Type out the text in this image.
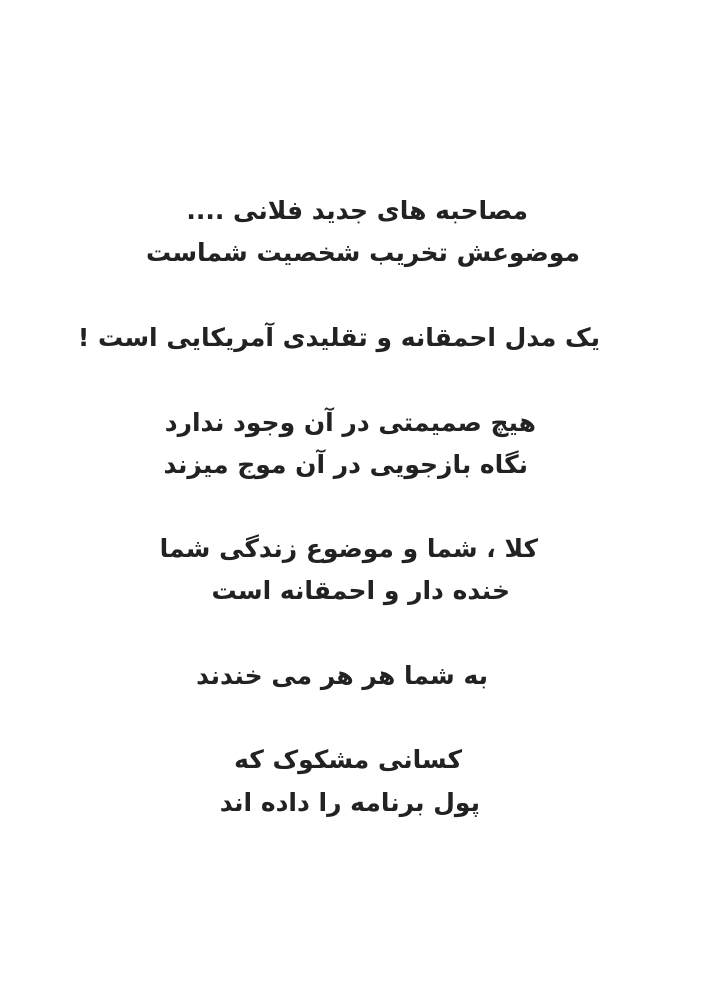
مصاحبه های جدید فلانی ....
موضوعش تخریب شخصیت شماست
یک مدل احمقانه و تقلیدی آمریکایی است !
هیچ صمیمتی در آن وجود ندارد
نگاه بازجویی در آن موج میزند
کلا ، شما و موضوع زندگی شما
خنده دار و احمقانه است
به شما هر هر می خندند
کسانی مشکوک که
پول برنامه را داده اند
